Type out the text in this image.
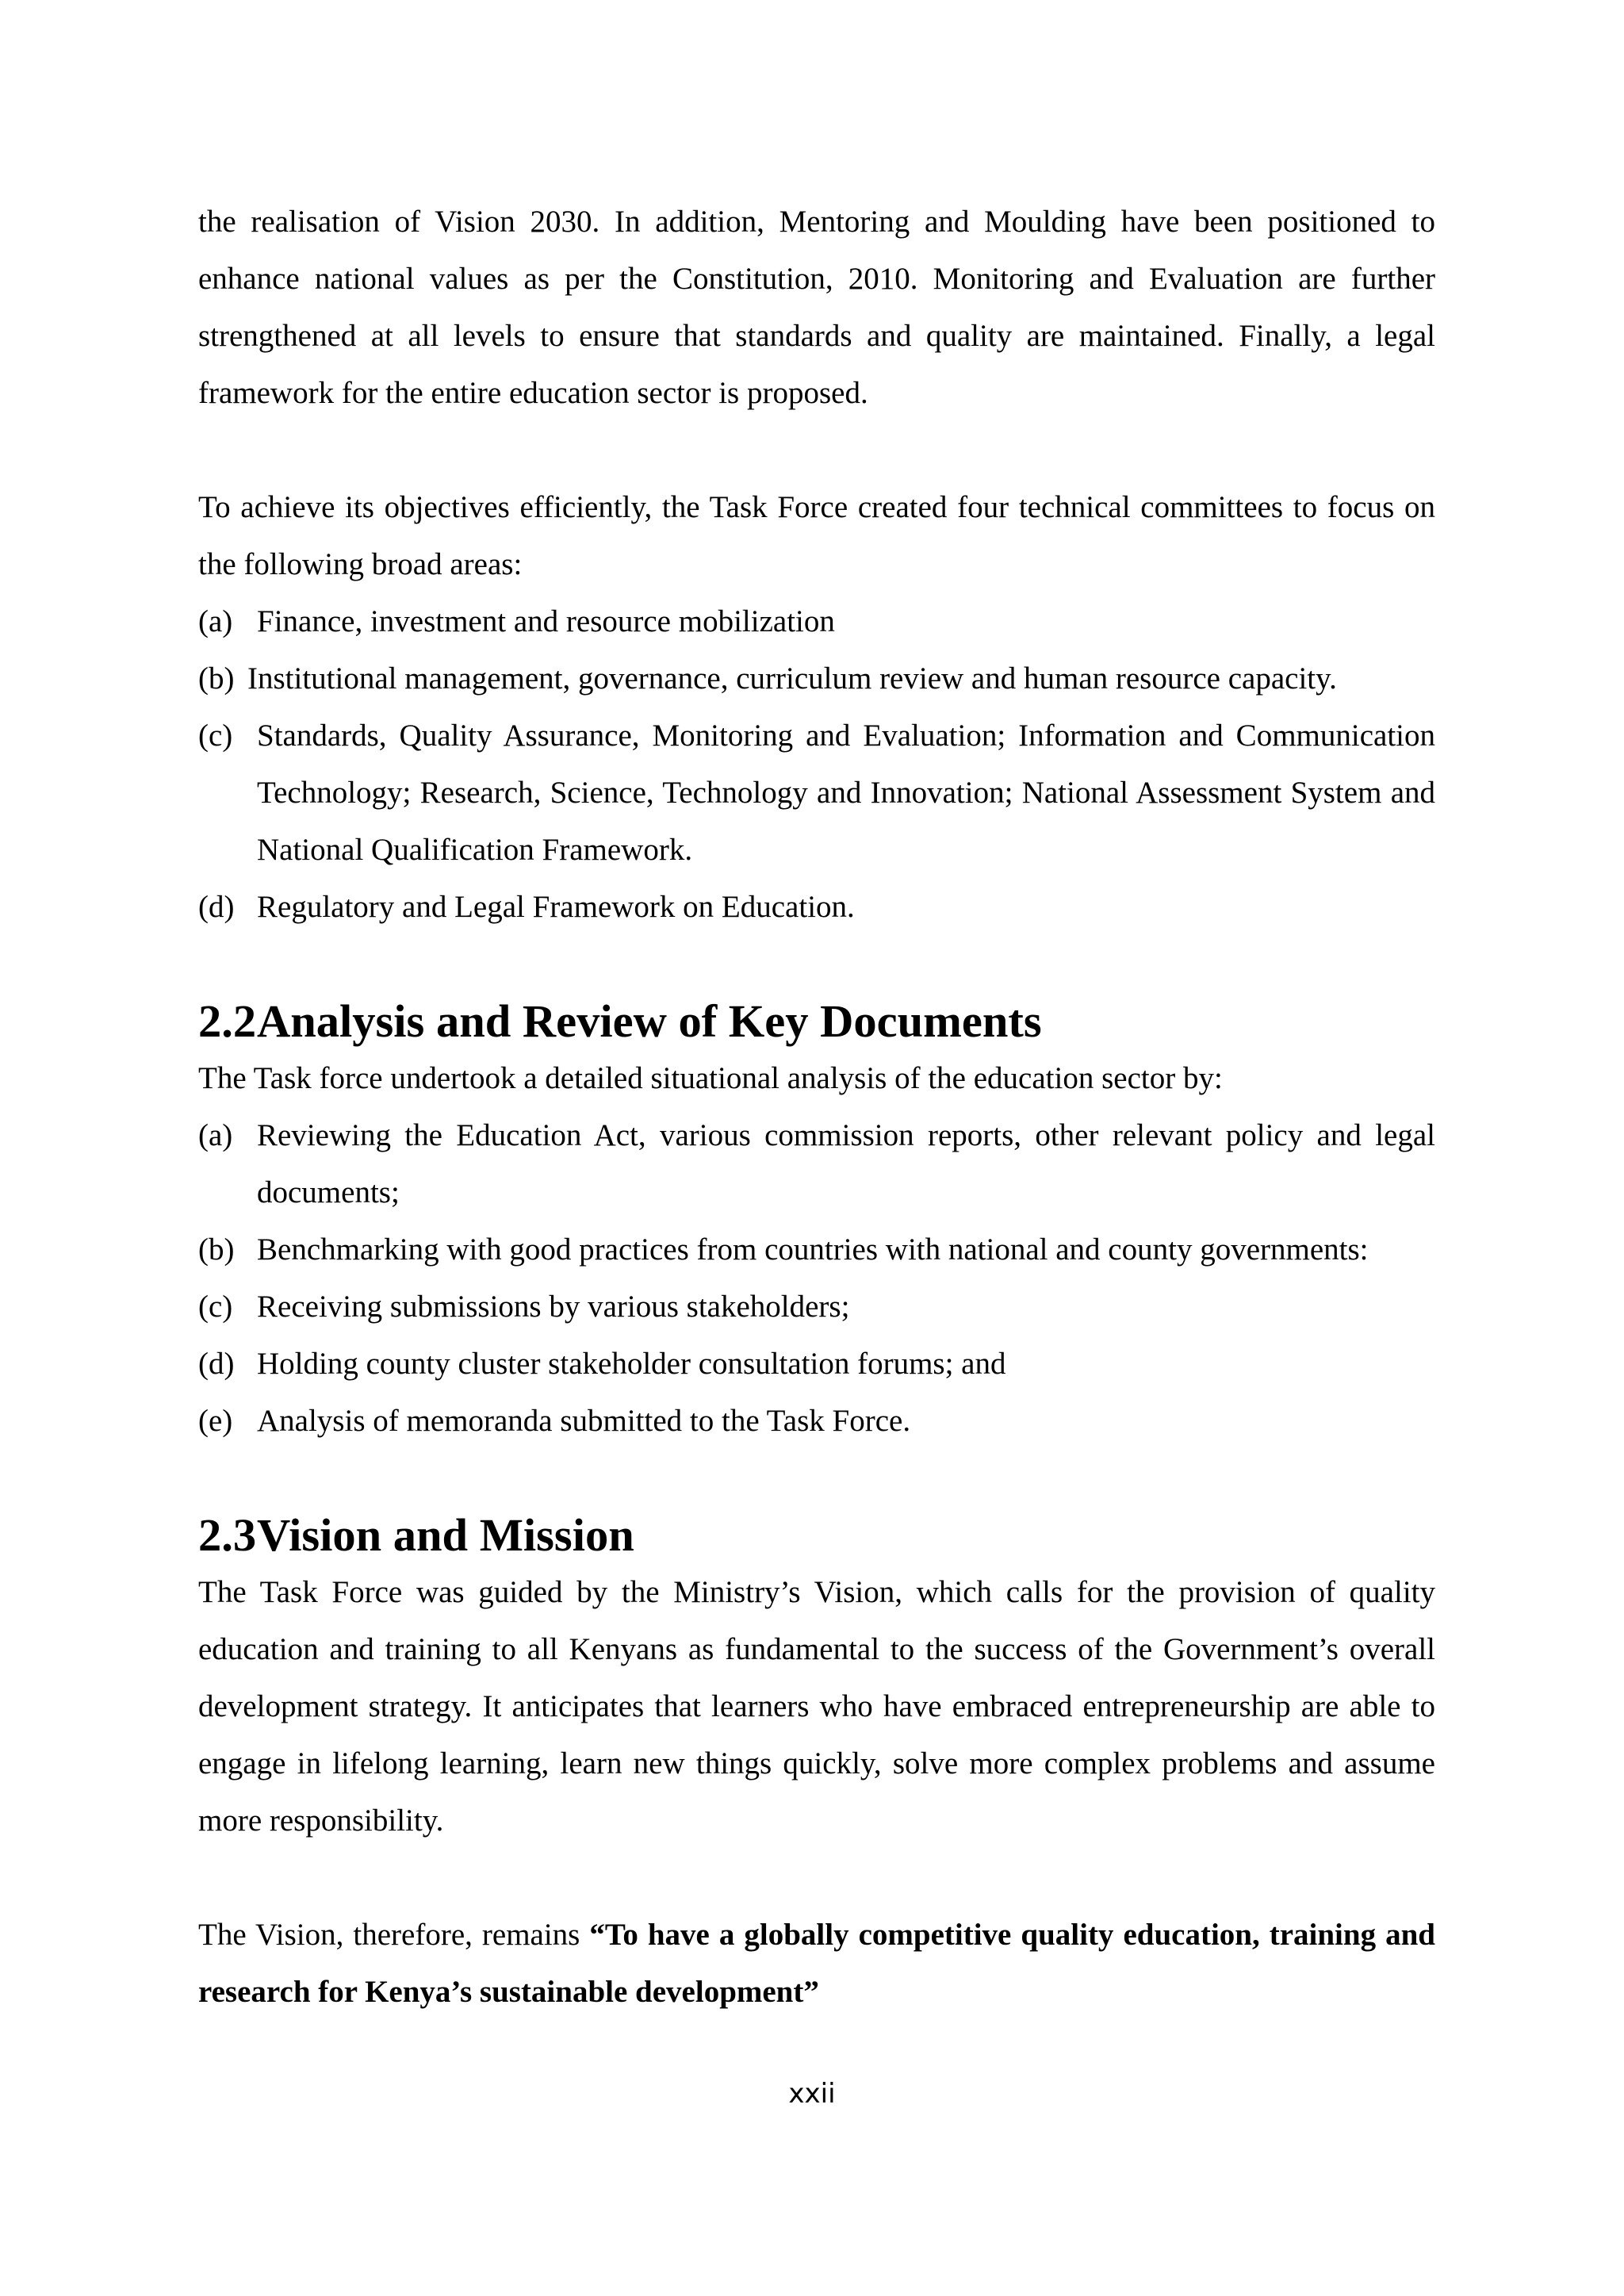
the realisation of Vision 2030. In addition, Mentoring and Moulding have been positioned to enhance national values as per the Constitution, 2010. Monitoring and Evaluation are further strengthened at all levels to ensure that standards and quality are maintained. Finally, a legal framework for the entire education sector is proposed.

To achieve its objectives efficiently, the Task Force created four technical committees to focus on the following broad areas:

(a) Finance, investment and resource mobilization
(b) Institutional management, governance, curriculum review and human resource capacity.
(c) Standards, Quality Assurance, Monitoring and Evaluation; Information and Communication Technology; Research, Science, Technology and Innovation; National Assessment System and National Qualification Framework.
(d) Regulatory and Legal Framework on Education.
2.2 Analysis and Review of Key Documents

The Task force undertook a detailed situational analysis of the education sector by:

(a) Reviewing the Education Act, various commission reports, other relevant policy and legal documents;
(b) Benchmarking with good practices from countries with national and county governments:
(c) Receiving submissions by various stakeholders;
(d) Holding county cluster stakeholder consultation forums; and
(e) Analysis of memoranda submitted to the Task Force.
2.3 Vision and Mission

The Task Force was guided by the Ministry’s Vision, which calls for the provision of quality education and training to all Kenyans as fundamental to the success of the Government’s overall development strategy. It anticipates that learners who have embraced entrepreneurship are able to engage in lifelong learning, learn new things quickly, solve more complex problems and assume more responsibility.

The Vision, therefore, remains “To have a globally competitive quality education, training and research for Kenya’s sustainable development”

xxii
